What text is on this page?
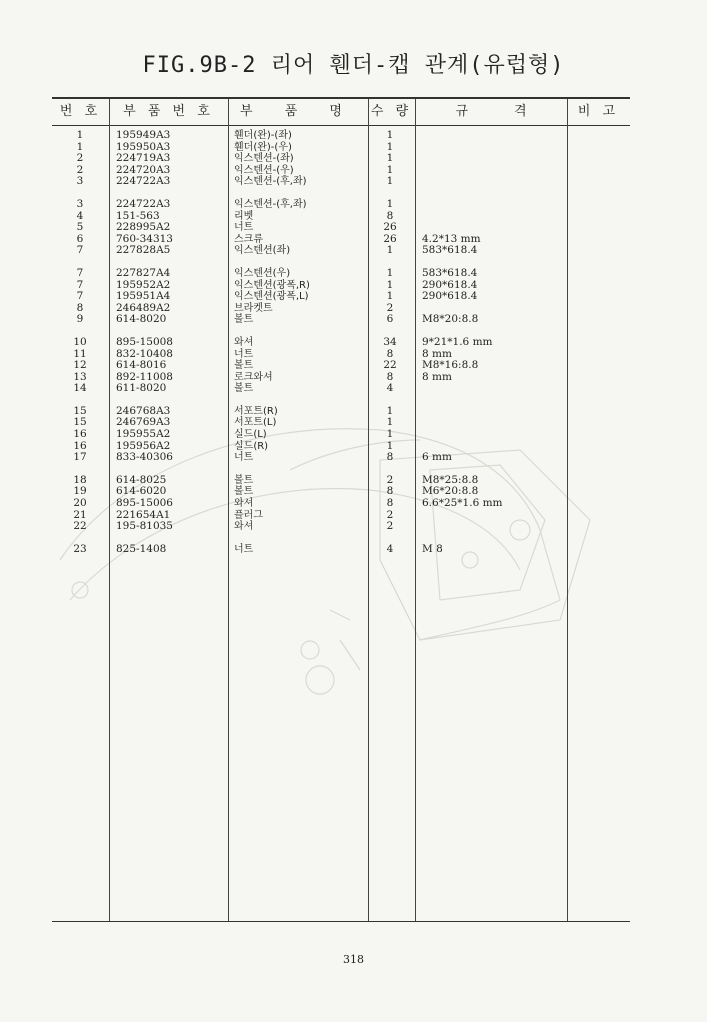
FIG.9B-2 리어 휀더-캡 관계(유럽형)
번 호	부 품 번 호	부 품 명	수 량	규	격	비 고
1	195949A3	휀더(완)-(좌)	1
1	195950A3	휀더(완)-(우)	1
2	224719A3	익스텐션-(좌)	1
2	224720A3	익스텐션-(우)	1
3	224722A3	익스텐션-(후,좌)	1
3	224722A3	익스텐션-(후,좌)	1
4	151-563	리벳	8
5	228995A2	너트	26
6	760-34313	스크류	26	4.2*13 mm
7	227828A5	익스텐션(좌)	1	583*618.4
7	227827A4	익스텐션(우)	1	583*618.4
7	195952A2	익스텐션(광폭,R)	1	290*618.4
7	195951A4	익스텐션(광폭,L)	1	290*618.4
8	246489A2	브라켓트	2
9	614-8020	볼트	6	M8*20:8.8
10	895-15008	와셔	34	9*21*1.6 mm
11	832-10408	너트	8	8 mm
12	614-8016	볼트	22	M8*16:8.8
13	892-11008	로크와셔	8	8 mm
14	611-8020	볼트	4
15	246768A3	서포트(R)	1
15	246769A3	서포트(L)	1
16	195955A2	실드(L)	1
16	195956A2	실드(R)	1
17	833-40306	너트	8	6 mm
18	614-8025	볼트	2	M8*25:8.8
19	614-6020	볼트	8	M6*20:8.8
20	895-15006	와셔	8	6.6*25*1.6 mm
21	221654A1	플러그	2
22	195-81035	와셔	2
23	825-1408	너트	4	M 8
318
